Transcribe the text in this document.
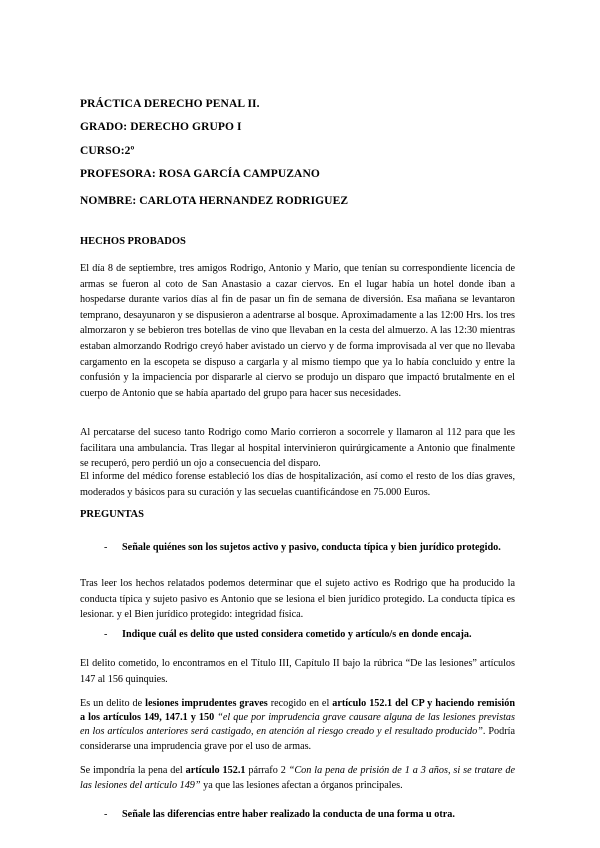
PRÁCTICA DERECHO PENAL II.
GRADO: DERECHO GRUPO I
CURSO:2º
PROFESORA: ROSA GARCÍA CAMPUZANO
NOMBRE: CARLOTA HERNANDEZ RODRIGUEZ
HECHOS PROBADOS
El día 8 de septiembre, tres amigos Rodrigo, Antonio y Mario, que tenían su correspondiente licencia de armas se fueron al coto de San Anastasio a cazar ciervos. En el lugar había un hotel donde iban a hospedarse durante varios días al fin de pasar un fin de semana de diversión. Esa mañana se levantaron temprano, desayunaron y se dispusieron a adentrarse al bosque. Aproximadamente a las 12:00 Hrs. los tres almorzaron y se bebieron tres botellas de vino que llevaban en la cesta del almuerzo. A las 12:30 mientras estaban almorzando Rodrigo creyó haber avistado un ciervo y de forma improvisada al ver que no llevaba cargamento en la escopeta se dispuso a cargarla y al mismo tiempo que ya lo había concluido y entre la confusión y la impaciencia por dispararle al ciervo se produjo un disparo que impactó brutalmente en el cuerpo de Antonio que se había apartado del grupo para hacer sus necesidades.
Al percatarse del suceso tanto Rodrigo como Mario corrieron a socorrele y llamaron al 112 para que les facilitara una ambulancia. Tras llegar al hospital intervinieron quirúrgicamente a Antonio que finalmente se recuperó, pero perdió un ojo a consecuencia del disparo.
El informe del médico forense estableció los días de hospitalización, así como el resto de los días graves, moderados y básicos para su curación y las secuelas cuantificándose en 75.000 Euros.
PREGUNTAS
-	Señale quiénes son los sujetos activo y pasivo, conducta típica y bien jurídico protegido.
Tras leer los hechos relatados podemos determinar que el sujeto activo es Rodrigo que ha producido la conducta típica y sujeto pasivo es Antonio que se lesiona el bien jurídico protegido. La conducta típica es lesionar. y el Bien jurídico protegido: integridad física.
-	Indique cuál es delito que usted considera cometido y artículo/s en donde encaja.
El delito cometido, lo encontramos en el Título III, Capítulo II bajo la rúbrica “De las lesiones” artículos 147 al 156 quinquies.
Es un delito de lesiones imprudentes graves recogido en el artículo 152.1 del CP y haciendo remisión a los artículos 149, 147.1 y 150 “el que por imprudencia grave causare alguna de las lesiones previstas en los artículos anteriores será castigado, en atención al riesgo creado y el resultado producido”. Podría considerarse una imprudencia grave por el uso de armas.
Se impondría la pena del artículo 152.1 párrafo 2 “Con la pena de prisión de 1 a 3 años, si se tratare de las lesiones del artículo 149” ya que las lesiones afectan a órganos principales.
-	Señale las diferencias entre haber realizado la conducta de una forma u otra.
